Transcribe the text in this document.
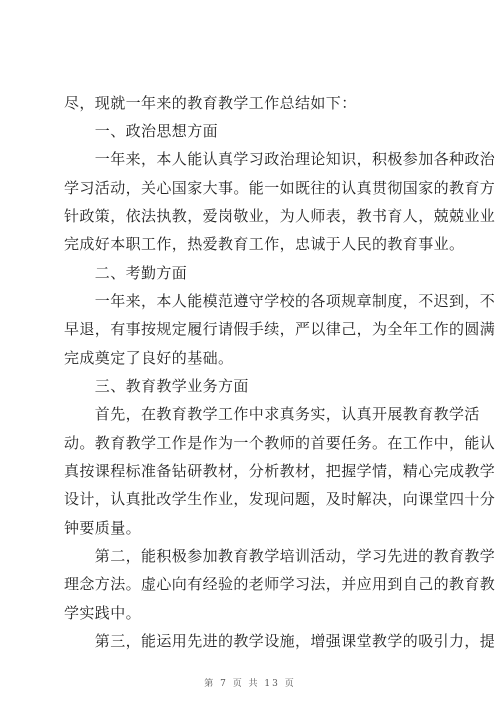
尽，现就一年来的教育教学工作总结如下：
　　一、政治思想方面
　　一年来，本人能认真学习政治理论知识，积极参加各种政治
学习活动，关心国家大事。能一如既往的认真贯彻国家的教育方
针政策，依法执教，爱岗敬业，为人师表，教书育人，兢兢业业
完成好本职工作，热爱教育工作，忠诚于人民的教育事业。
　　二、考勤方面
　　一年来，本人能模范遵守学校的各项规章制度，不迟到，不
早退，有事按规定履行请假手续，严以律己，为全年工作的圆满
完成奠定了良好的基础。
　　三、教育教学业务方面
　　首先，在教育教学工作中求真务实，认真开展教育教学活
动。教育教学工作是作为一个教师的首要任务。在工作中，能认
真按课程标准备钻研教材，分析教材，把握学情，精心完成教学
设计，认真批改学生作业，发现问题，及时解决，向课堂四十分
钟要质量。
　　第二，能积极参加教育教学培训活动，学习先进的教育教学
理念方法。虚心向有经验的老师学习法，并应用到自己的教育教
学实践中。
　　第三，能运用先进的教学设施，增强课堂教学的吸引力，提
第 7 页 共 13 页
